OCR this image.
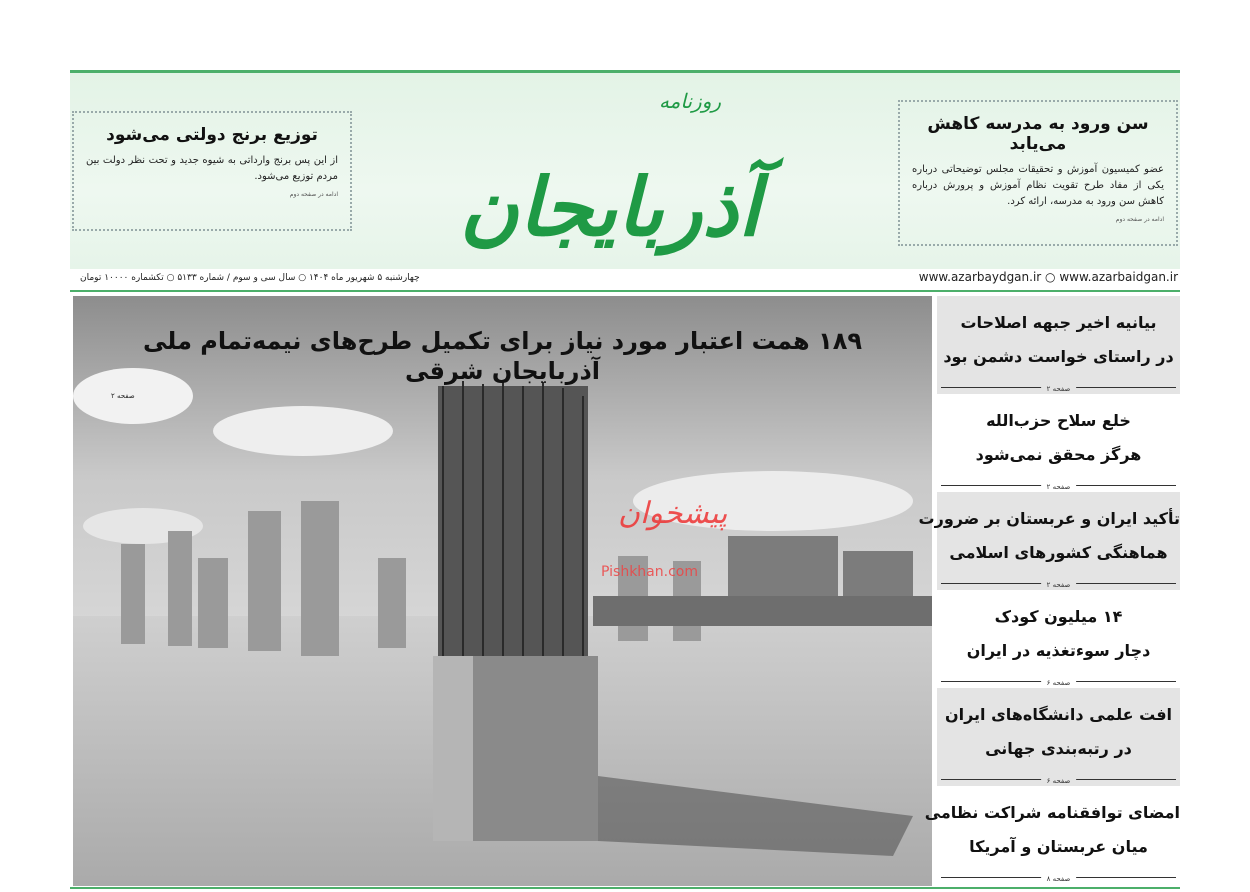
توزیع برنج دولتی می‌شود

از این پس برنج وارداتی به شیوه جدید و تحت نظر دولت بین مردم توزیع می‌شود.

ادامه در صفحه دوم
سن ورود به مدرسه کاهش می‌یابد

عضو کمیسیون آموزش و تحقیقات مجلس توضیحاتی درباره یکی از مفاد طرح تقویت نظام آموزش و پرورش درباره کاهش سن ورود به مدرسه، ارائه کرد.

ادامه در صفحه دوم
روزنامه
آذربایجان
چهارشنبه ۵ شهریور ماه ۱۴۰۴ ○ سال سی و سوم / شماره ۵۱۳۳ ○ تکشماره ۱۰۰۰۰ تومان	www.azarbaydgan.ir ○ www.azarbaidgan.ir
۱۸۹ همت اعتبار مورد نیاز برای تکمیل طرح‌های نیمه‌تمام ملی آذربایجان شرقی
صفحه ۲
پیشخوان
Pishkhan.com
بیانیه اخیر جبهه اصلاحات
در راستای خواست دشمن بود
صفحه ۲
خلع سلاح حزب‌الله
هرگز محقق نمی‌شود
صفحه ۲
تأکید ایران و عربستان بر ضرورت
هماهنگی کشورهای اسلامی
صفحه ۲
۱۴ میلیون کودک
دچار سوءتغذیه در ایران
صفحه ۶
افت علمی دانشگاه‌های ایران
در رتبه‌بندی جهانی
صفحه ۶
امضای توافقنامه شراکت نظامی
میان عربستان و آمریکا
صفحه ۸
